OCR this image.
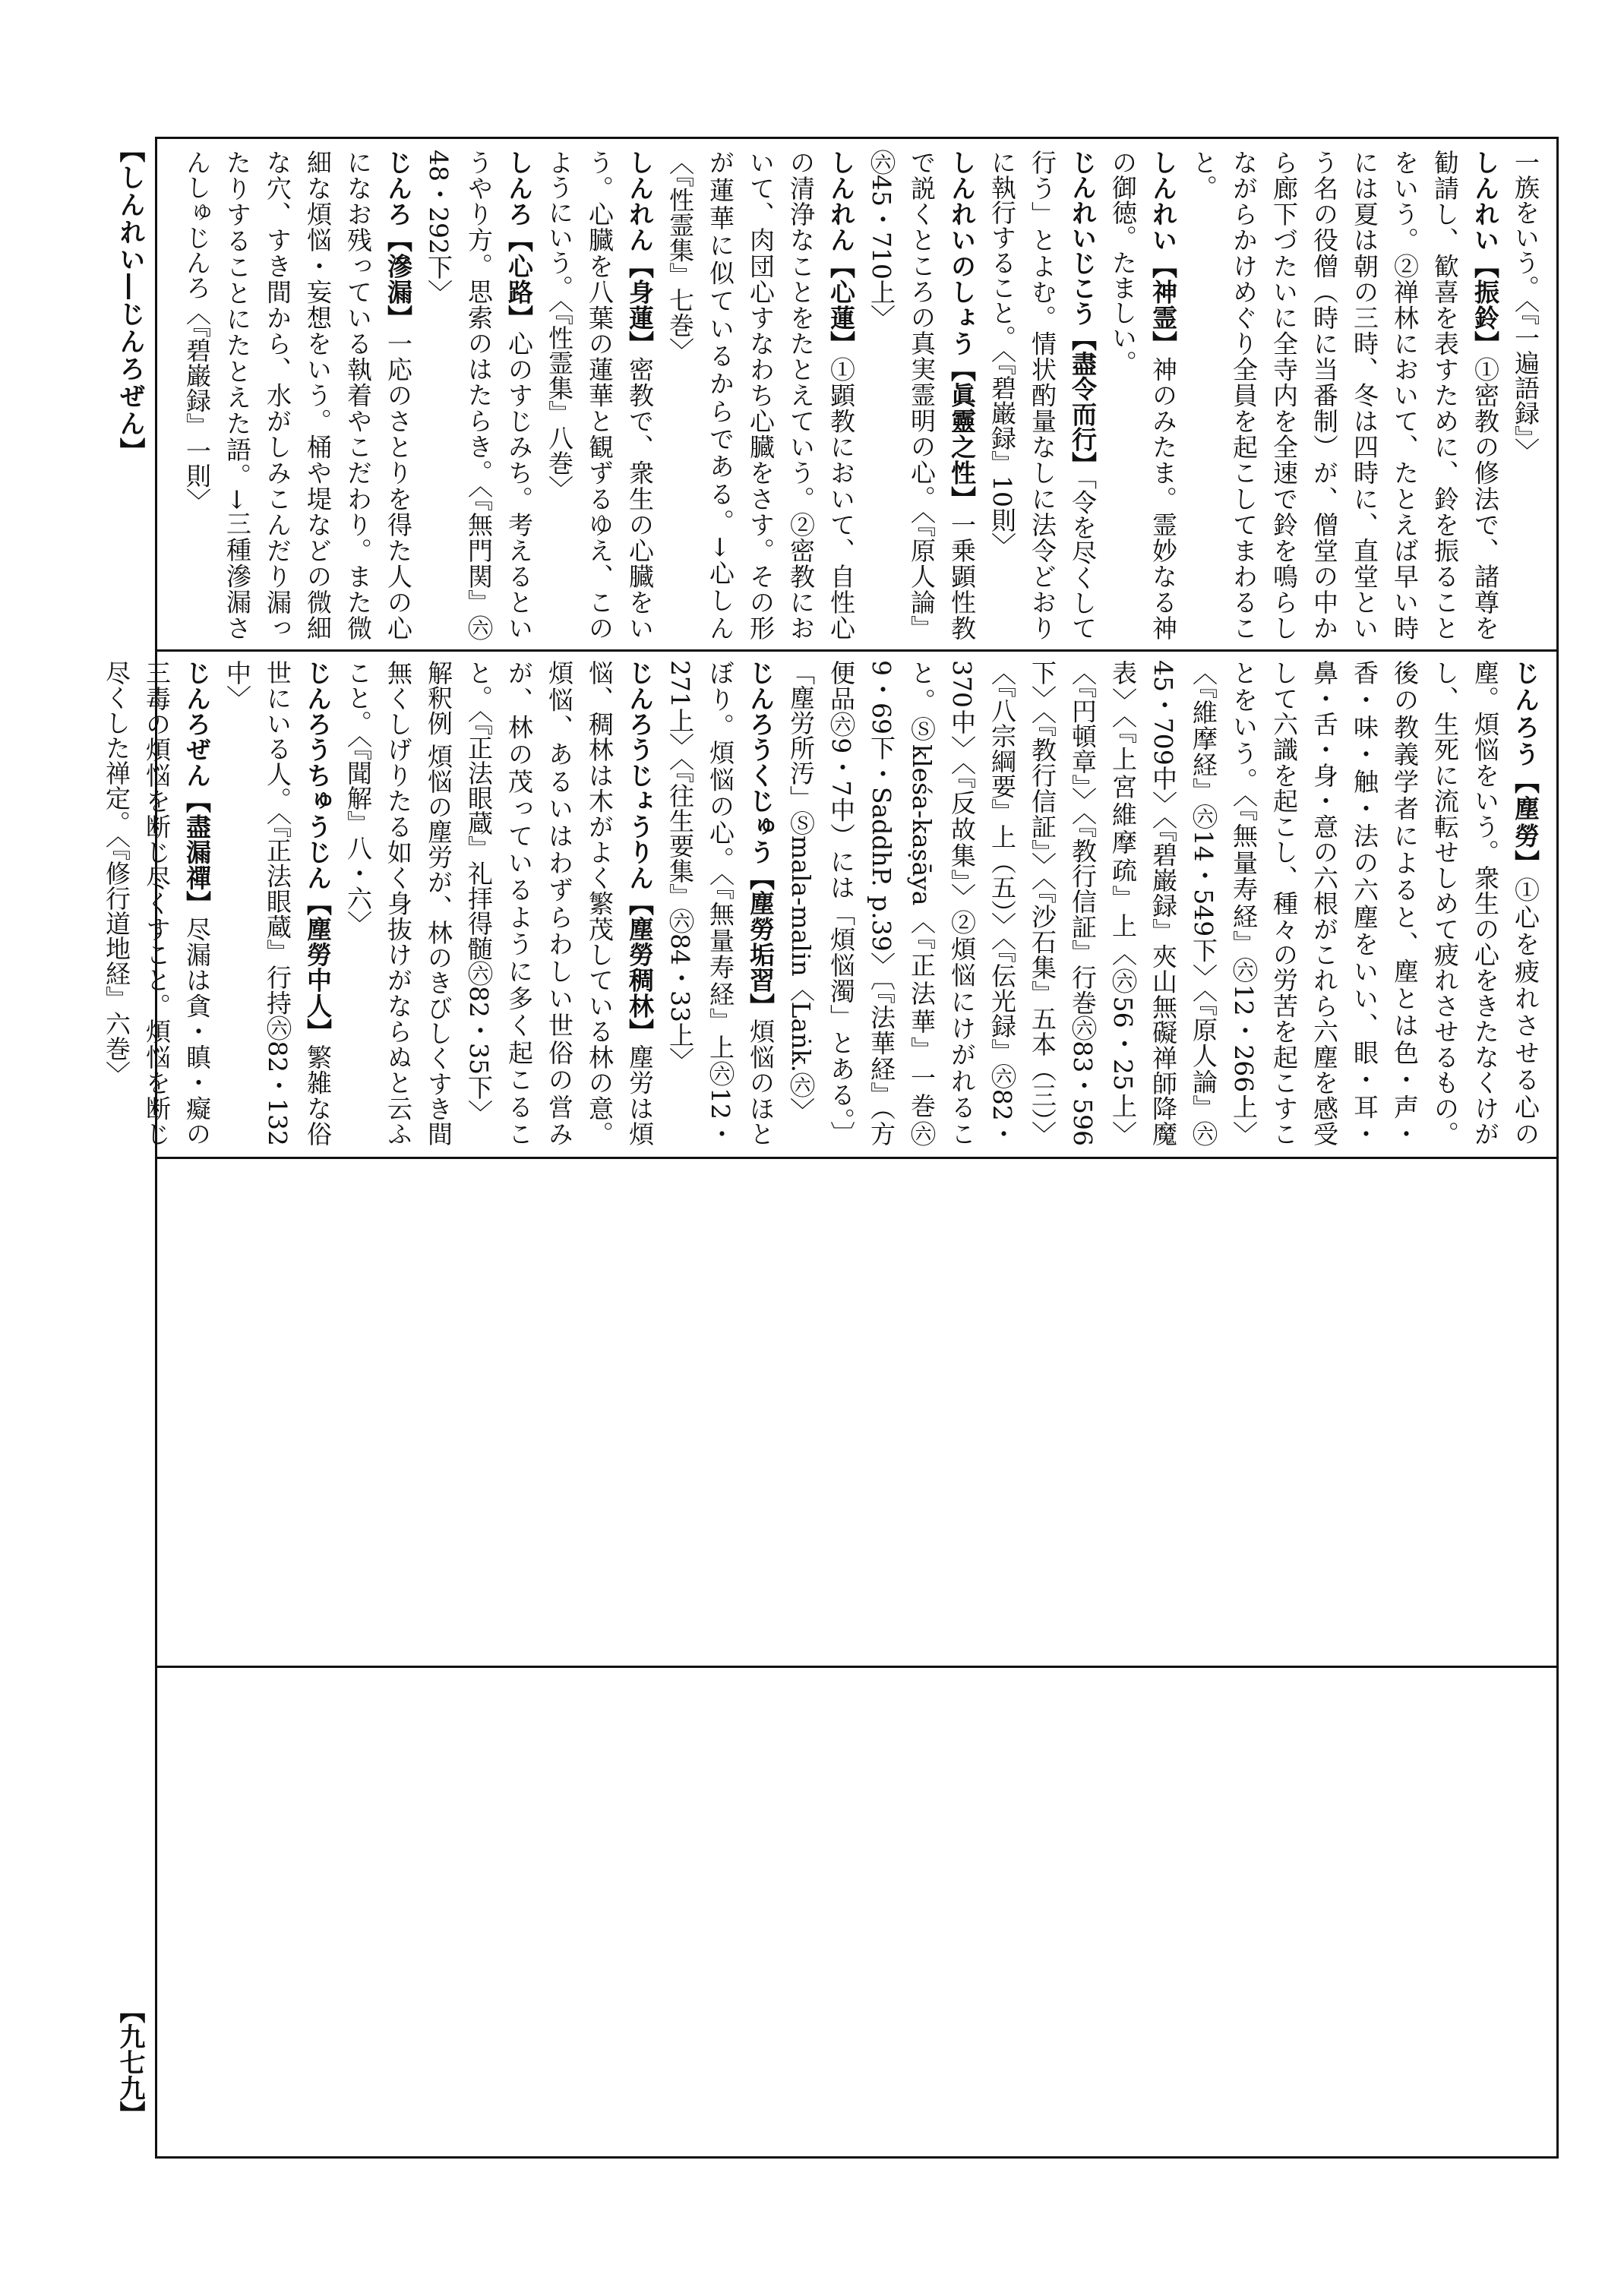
【しんれい―じんろぜん】
【九七九】
一族をいう。〈『一遍語録』〉
しんれい【振鈴】①密教の修法で、諸尊を勧請し、歓喜を表すために、鈴を振ることをいう。②禅林において、たとえば早い時には夏は朝の三時、冬は四時に、直堂という名の役僧（時に当番制）が、僧堂の中から廊下づたいに全寺内を全速で鈴を鳴らしながらかけめぐり全員を起こしてまわること。
しんれい【神霊】神のみたま。霊妙なる神の御徳。たましい。
じんれいじこう【盡令而行】「令を尽くして行う」とよむ。情状酌量なしに法令どおりに執行すること。〈『碧巌録』10則〉
しんれいのしょう【眞靈之性】一乗顕性教で説くところの真実霊明の心。〈『原人論』㊅45・710上〉
しんれん【心蓮】①顕教において、自性心の清浄なことをたとえていう。②密教において、肉団心すなわち心臓をさす。その形が蓮華に似ているからである。→心しん〈『性霊集』七巻〉
しんれん【身蓮】密教で、衆生の心臓をいう。心臓を八葉の蓮華と観ずるゆえ、このようにいう。〈『性霊集』八巻〉
しんろ【心路】心のすじみち。考えるというやり方。思索のはたらき。〈『無門関』㊅48・292下〉
じんろ【滲漏】一応のさとりを得た人の心になお残っている執着やこだわり。また微細な煩悩・妄想をいう。桶や堤などの微細な穴、すき間から、水がしみこんだり漏ったりすることにたとえた語。→三種滲漏さんしゅじんろ〈『碧巌録』一則〉
じんろう【塵勞】①心を疲れさせる心の塵。煩悩をいう。衆生の心をきたなくけがし、生死に流転せしめて疲れさせるもの。後の教義学者によると、塵とは色・声・香・味・触・法の六塵をいい、眼・耳・鼻・舌・身・意の六根がこれら六塵を感受して六識を起こし、種々の労苦を起こすことをいう。〈『無量寿経』㊅12・266上〉〈『維摩経』㊅14・549下〉〈『原人論』㊅45・709中〉〈『碧巌録』夾山無礙禅師降魔表〉〈『上宮維摩疏』上〈㊅56・25上〉〈『円頓章』〉〈『教行信証』行巻㊅83・596下〉〈『教行信証』〉〈『沙石集』五本（三）〉〈『八宗綱要』上（五）〉〈『伝光録』㊅82・370中〉〈『反故集』〉②煩悩にけがれること。Ⓢkleśa-kaṣāya〈『正法華』一巻㊅9・69下・SaddhP. p.39〉〔『法華経』（方便品㊅9・7中）には「煩悩濁」とある。〕「塵労所汚」Ⓢmala-malin〈Laṅk.㊅〉
じんろうくじゅう【塵勞垢習】煩悩のほとぼり。煩悩の心。〈『無量寿経』上㊅12・271上〉〈『往生要集』㊅84・33上〉
じんろうじょうりん【塵勞稠林】塵労は煩悩、稠林は木がよく繁茂している林の意。煩悩、あるいはわずらわしい世俗の営みが、林の茂っているように多く起こること。〈『正法眼蔵』礼拝得髄㊅82・35下〉
解釈例 煩悩の塵労が、林のきびしくすき間無くしげりたる如く身抜けがならぬと云ふこと。〈『聞解』八・六〉
じんろうちゅうじん【塵勞中人】繁雑な俗世にいる人。〈『正法眼蔵』行持㊅82・132中〉
じんろぜん【盡漏禪】尽漏は貪・瞋・癡の三毒の煩悩を断じ尽くすこと。煩悩を断じ尽くした禅定。〈『修行道地経』六巻〉
